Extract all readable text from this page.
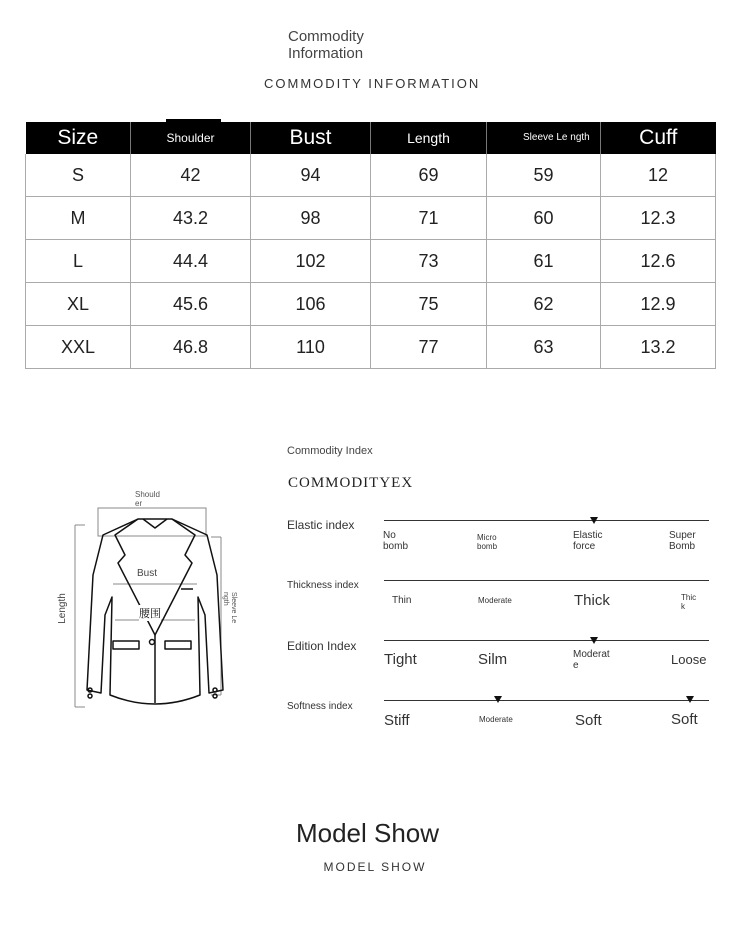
Commodity Information
COMMODITY INFORMATION
Size	Shoulder	Bust	Length	Sleeve Le ngth	Cuff
S	42	94	69	59	12
M	43.2	98	71	60	12.3
L	44.4	102	73	61	12.6
XL	45.6	106	75	62	12.9
XXL	46.8	110	77	63	13.2
Should er
Bust
腰围
Length	Sleeve Le ngth
Commodity Index
COMMODITYEX
Elastic index
No bomb
Micro bomb
Elastic force
Super Bomb
Thickness index
Thin	Moderate	Thick	Thic k
Edition Index
Tight	Silm	Moderat e	Loose
Softness index
Stiff	Moderate	Soft	Soft
Model Show
MODEL SHOW
